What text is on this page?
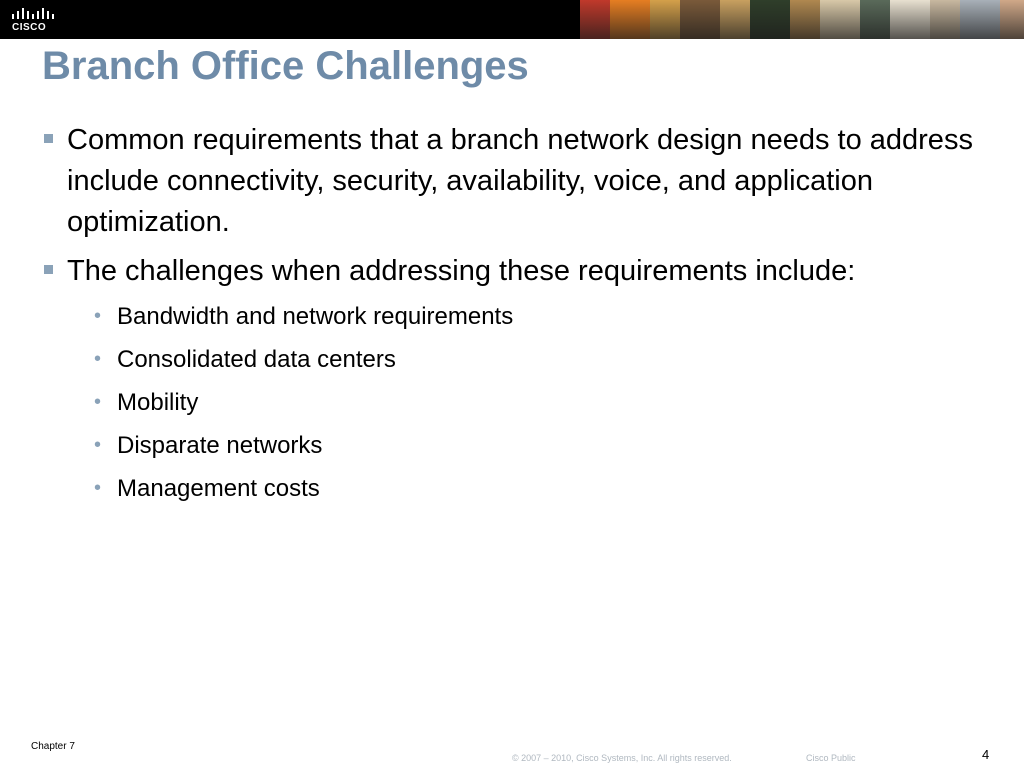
CISCO
Branch Office Challenges
Common requirements that a branch network design needs to address include connectivity, security, availability, voice, and application optimization.
The challenges when addressing these requirements include:
• Bandwidth and network requirements
• Consolidated data centers
• Mobility
• Disparate networks
• Management costs
Chapter 7
© 2007 – 2010, Cisco Systems, Inc. All rights reserved.	Cisco Public	4
